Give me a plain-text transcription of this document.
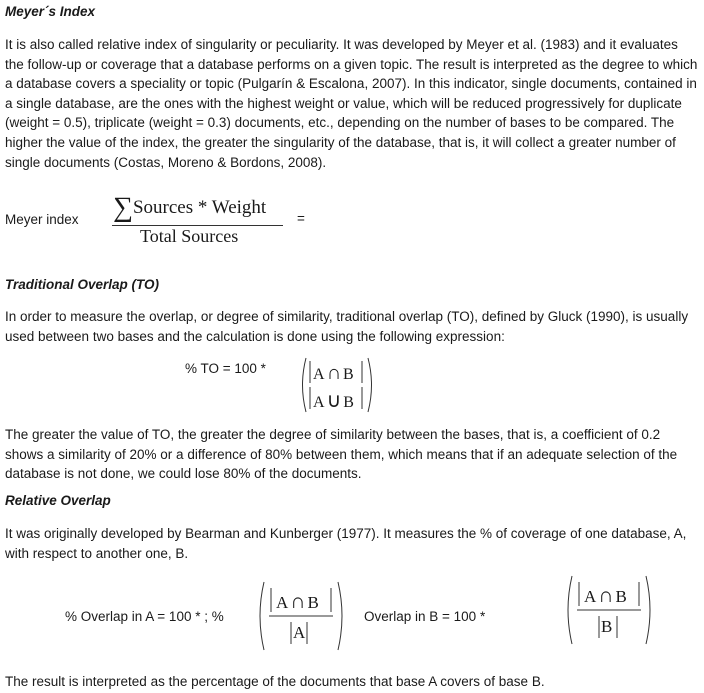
Meyer´s Index

It is also called relative index of singularity or peculiarity. It was developed by Meyer et al. (1983) and it evaluates the follow-up or coverage that a database performs on a given topic. The result is interpreted as the degree to which a database covers a speciality or topic (Pulgarín & Escalona, 2007). In this indicator, single documents, contained in a single database, are the ones with the highest weight or value, which will be reduced progressively for duplicate (weight = 0.5), triplicate (weight = 0.3) documents, etc., depending on the number of bases to be compared. The higher the value of the index, the greater the singularity of the database, that is, it will collect a greater number of single documents (Costas, Moreno & Bordons, 2008).

Meyer index ∑Sources * Weight
Total Sources
=
Traditional Overlap (TO)

In order to measure the overlap, or degree of similarity, traditional overlap (TO), defined by Gluck (1990), is usually used between two bases and the calculation is done using the following expression:

% TO = 100 *	A ∩ B
A ∪ B

The greater the value of TO, the greater the degree of similarity between the bases, that is, a coefficient of 0.2 shows a similarity of 20% or a difference of 80% between them, which means that if an adequate selection of the database is not done, we could lose 80% of the documents.

Relative Overlap

It was originally developed by Bearman and Kunberger (1977). It measures the % of coverage of one database, A, with respect to another one, B.

% Overlap in A = 100 * ; %
A∩ B
A
Overlap in B = 100 *
A∩ B
B

The result is interpreted as the percentage of the documents that base A covers of base B.
